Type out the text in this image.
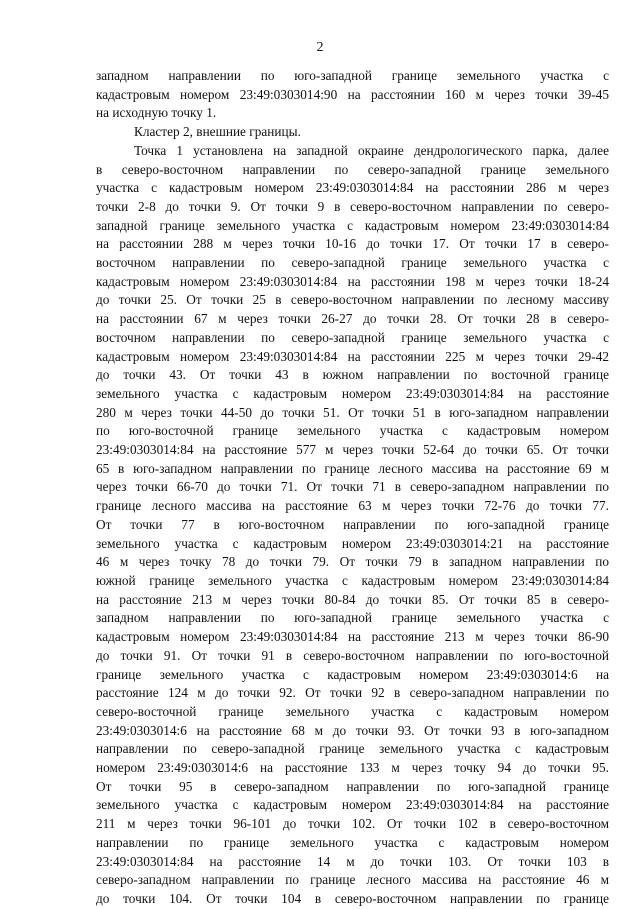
2

западном направлении по юго-западной границе земельного участка с

кадастровым номером 23:49:0303014:90 на расстоянии 160 м через точки 39-45

на исходную точку 1.

Кластер 2, внешние границы.

Точка 1 установлена на западной окраине дендрологического парка, далее

в северо-восточном направлении по северо-западной границе земельного

участка с кадастровым номером 23:49:0303014:84 на расстоянии 286 м через

точки 2-8 до точки 9. От точки 9 в северо-восточном направлении по северо-

западной границе земельного участка с кадастровым номером 23:49:0303014:84

на расстоянии 288 м через точки 10-16 до точки 17. От точки 17 в северо-

восточном направлении по северо-западной границе земельного участка с

кадастровым номером 23:49:0303014:84 на расстоянии 198 м через точки 18-24

до точки 25. От точки 25 в северо-восточном направлении по лесному массиву

на расстоянии 67 м через точки 26-27 до точки 28. От точки 28 в северо-

восточном направлении по северо-западной границе земельного участка с

кадастровым номером 23:49:0303014:84 на расстоянии 225 м через точки 29-42

до точки 43. От точки 43 в южном направлении по восточной границе

земельного участка с кадастровым номером 23:49:0303014:84 на расстояние

280 м через точки 44-50 до точки 51. От точки 51 в юго-западном направлении

по юго-восточной границе земельного участка с кадастровым номером

23:49:0303014:84 на расстояние 577 м через точки 52-64 до точки 65. От точки

65 в юго-западном направлении по границе лесного массива на расстояние 69 м

через точки 66-70 до точки 71. От точки 71 в северо-западном направлении по

границе лесного массива на расстояние 63 м через точки 72-76 до точки 77.

От точки 77 в юго-восточном направлении по юго-западной границе

земельного участка с кадастровым номером 23:49:0303014:21 на расстояние

46 м через точку 78 до точки 79. От точки 79 в западном направлении по

южной границе земельного участка с кадастровым номером 23:49:0303014:84

на расстояние 213 м через точки 80-84 до точки 85. От точки 85 в северо-

западном направлении по юго-западной границе земельного участка с

кадастровым номером 23:49:0303014:84 на расстояние 213 м через точки 86-90

до точки 91. От точки 91 в северо-восточном направлении по юго-восточной

границе земельного участка с кадастровым номером 23:49:0303014:6 на

расстояние 124 м до точки 92. От точки 92 в северо-западном направлении по

северо-восточной границе земельного участка с кадастровым номером

23:49:0303014:6 на расстояние 68 м до точки 93. От точки 93 в юго-западном

направлении по северо-западной границе земельного участка с кадастровым

номером 23:49:0303014:6 на расстояние 133 м через точку 94 до точки 95.

От точки 95 в северо-западном направлении по юго-западной границе

земельного участка с кадастровым номером 23:49:0303014:84 на расстояние

211 м через точки 96-101 до точки 102. От точки 102 в северо-восточном

направлении по границе земельного участка с кадастровым номером

23:49:0303014:84 на расстояние 14 м до точки 103. От точки 103 в

северо-западном направлении по границе лесного массива на расстояние 46 м

до точки 104. От точки 104 в северо-восточном направлении по границе
